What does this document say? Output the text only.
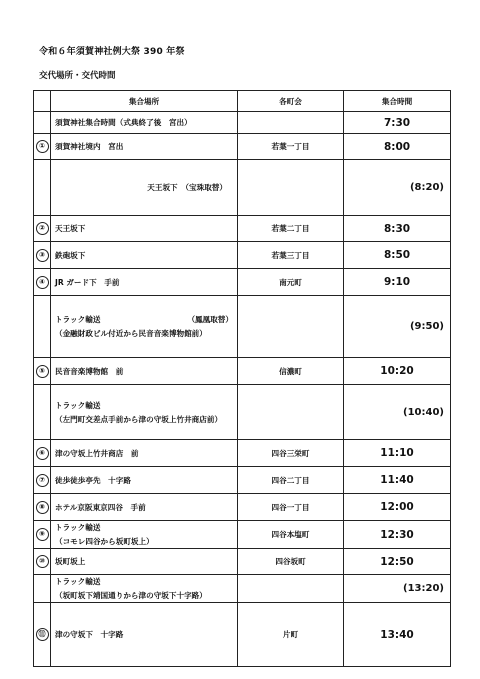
令和６年須賀神社例大祭 390 年祭
交代場所・交代時間
	集合場所	各町会	集合時間
	須賀神社集合時間（式典終了後　宮出）		7:30
①	須賀神社境内　宮出	若葉一丁目	8:00
	天王坂下　（宝珠取替）		(8:20)
②	天王坂下	若葉二丁目	8:30
③	鉄砲坂下	若葉三丁目	8:50
④	JR ガード下　手前	南元町	9:10

	トラック輸送 （鳳凰取替）
（金融財政ビル付近から民音音楽博物館前）		(9:50)
⑤	民音音楽博物館　前	信濃町	10:20
	トラック輸送
（左門町交差点手前から津の守坂上竹井商店前）		(10:40)
⑥	津の守坂上竹井商店　前	四谷三栄町	11:10
⑦	徒歩徒歩亭先　十字路	四谷二丁目	11:40
⑧	ホテル京阪東京四谷　手前	四谷一丁目	12:00
⑨	トラック輸送
（コモレ四谷から坂町坂上）	四谷本塩町	12:30
⑩	坂町坂上	四谷坂町	12:50
	トラック輸送
（坂町坂下靖国通りから津の守坂下十字路）		(13:20)
⑪	津の守坂下　十字路	片町	13:40
